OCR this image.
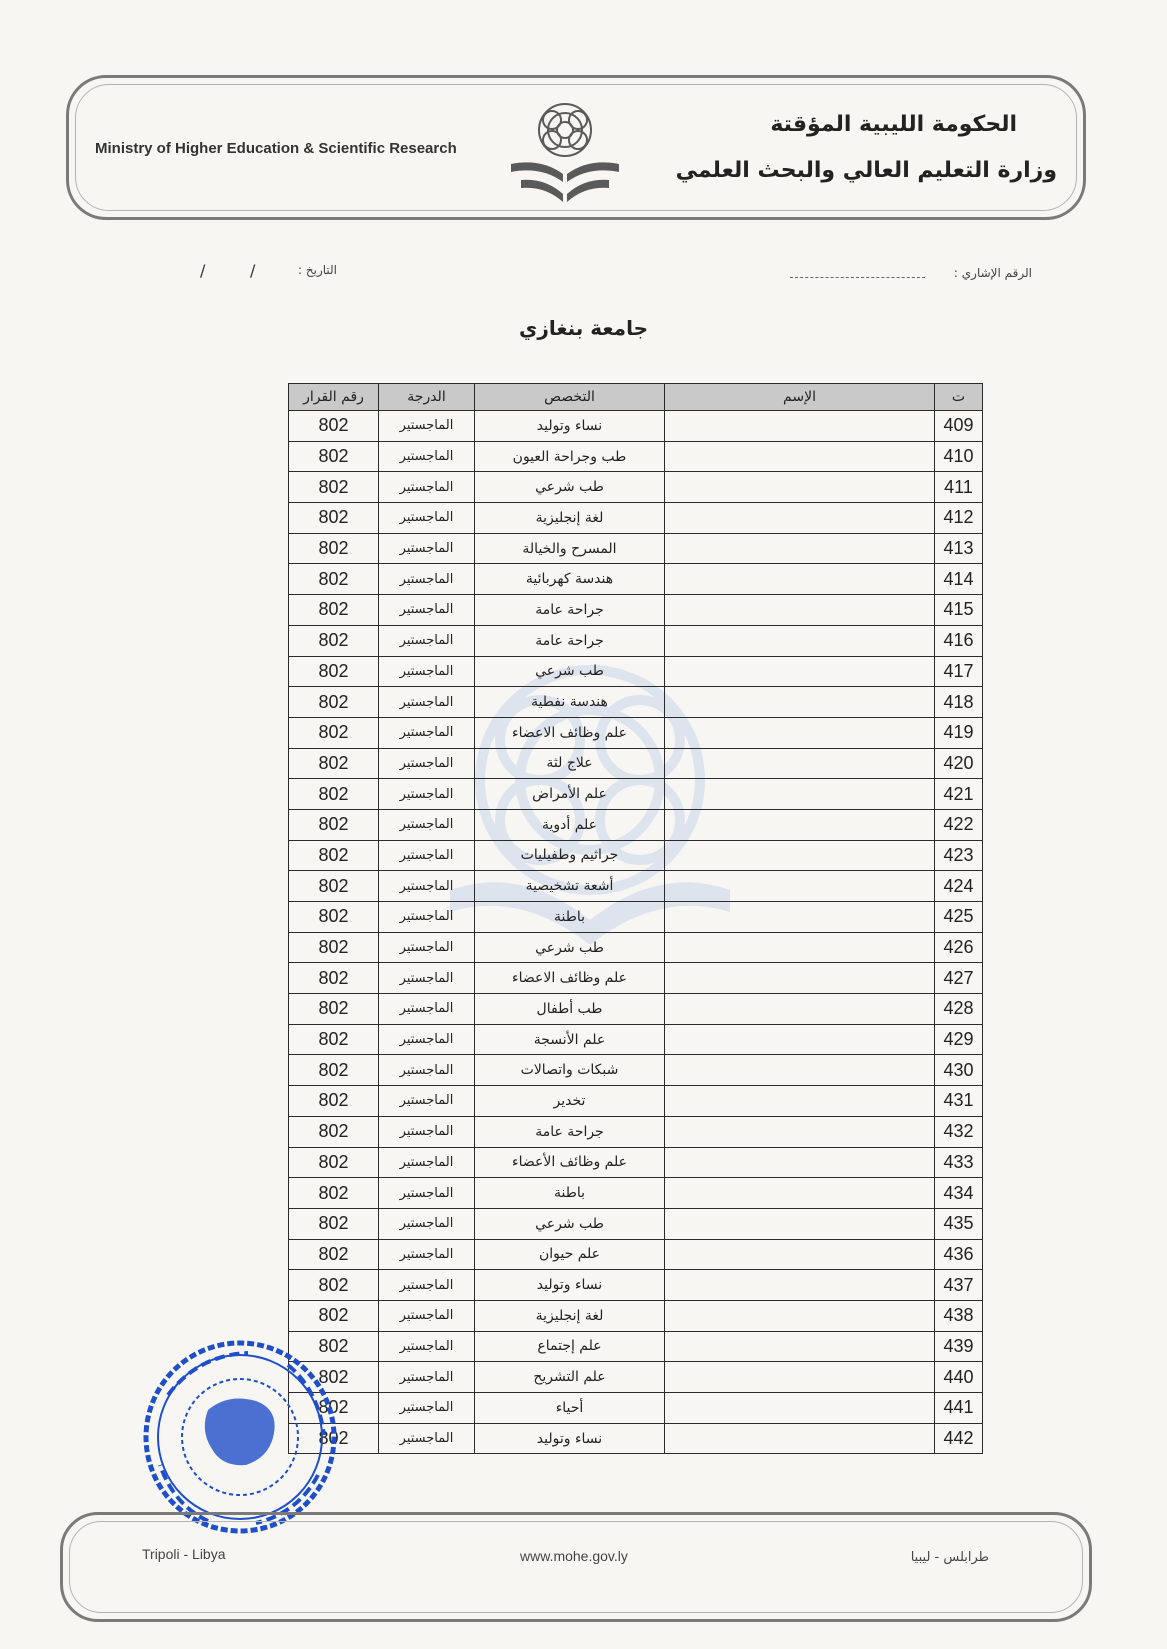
Ministry of Higher Education & Scientific Research
الحكومة الليبية المؤقتة
وزارة التعليم العالي والبحث العلمي
الرقم الإشاري :
التاريخ :
/
/
جامعة بنغازي
ت	الإسم	التخصص	الدرجة	رقم القرار
409		نساء وتوليد	الماجستير	802
410		طب وجراحة العيون	الماجستير	802
411		طب شرعي	الماجستير	802
412		لغة إنجليزية	الماجستير	802
413		المسرح والخيالة	الماجستير	802
414		هندسة كهربائية	الماجستير	802
415		جراحة عامة	الماجستير	802
416		جراحة عامة	الماجستير	802
417		طب شرعي	الماجستير	802
418		هندسة نفطية	الماجستير	802
419		علم وظائف الاعضاء	الماجستير	802
420		علاج لثة	الماجستير	802
421		علم الأمراض	الماجستير	802
422		علم أدوية	الماجستير	802
423		جراثيم وطفيليات	الماجستير	802
424		أشعة تشخيصية	الماجستير	802
425		باطنة	الماجستير	802
426		طب شرعي	الماجستير	802
427		علم وظائف الاعضاء	الماجستير	802
428		طب أطفال	الماجستير	802
429		علم الأنسجة	الماجستير	802
430		شبكات واتصالات	الماجستير	802
431		تخدير	الماجستير	802
432		جراحة عامة	الماجستير	802
433		علم وظائف الأعضاء	الماجستير	802
434		باطنة	الماجستير	802
435		طب شرعي	الماجستير	802
436		علم حيوان	الماجستير	802
437		نساء وتوليد	الماجستير	802
438		لغة إنجليزية	الماجستير	802
439		علم إجتماع	الماجستير	802
440		علم التشريح	الماجستير	802
441		أحياء	الماجستير	802
442		نساء وتوليد	الماجستير	802
Tripoli - Libya	www.mohe.gov.ly	طرابلس - ليبيا
